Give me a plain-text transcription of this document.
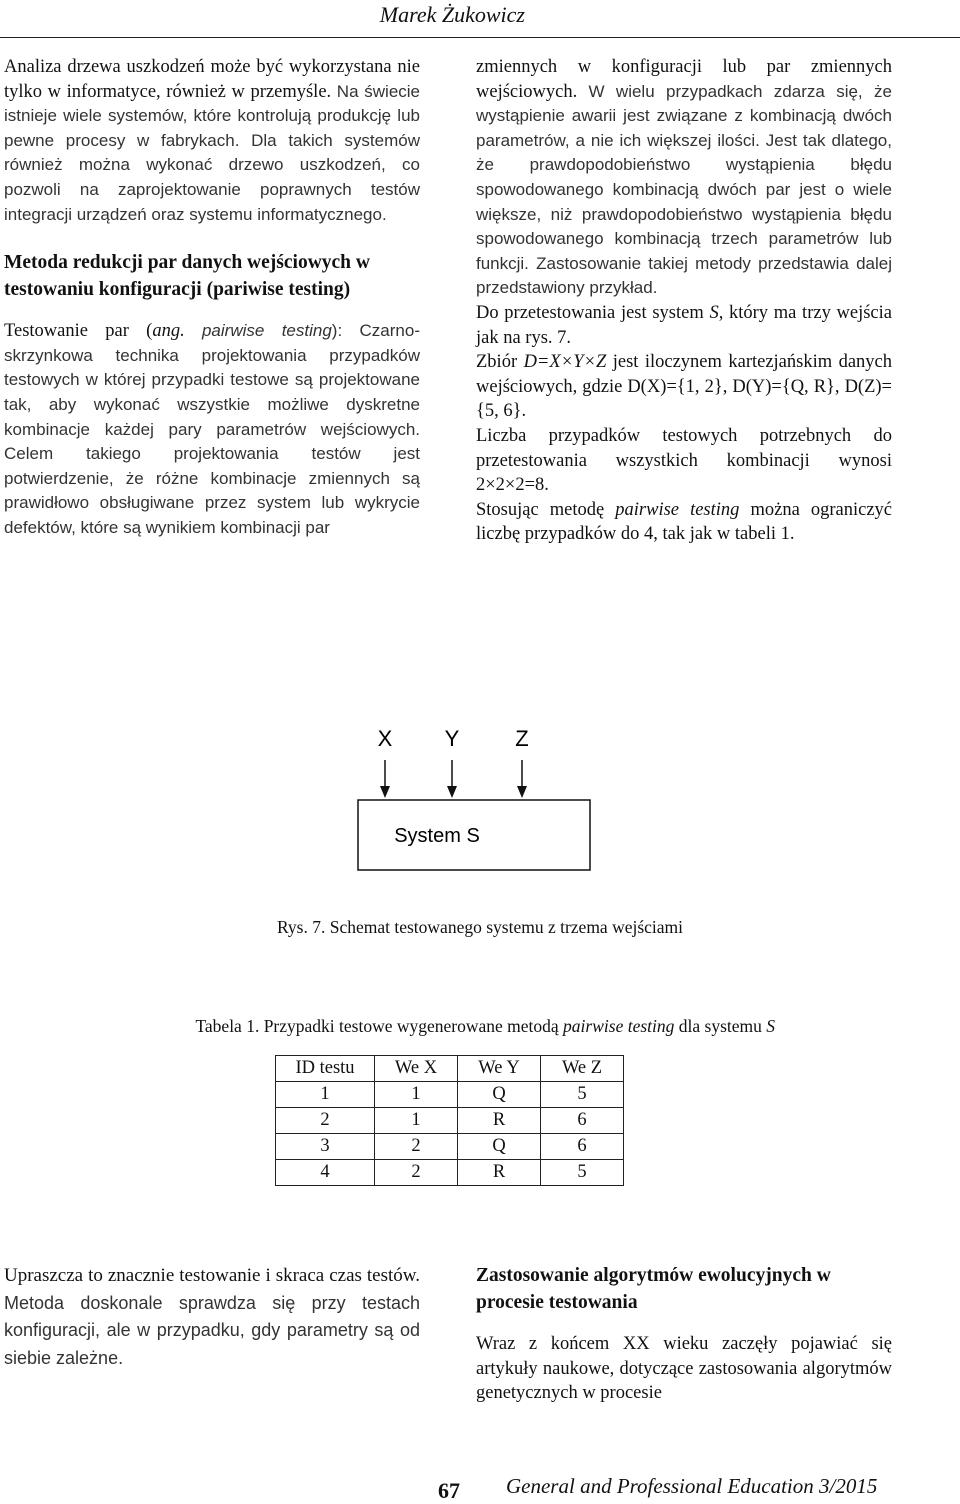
Marek Żukowicz

Analiza drzewa uszkodzeń może być wykorzystana nie tylko w informatyce, również w przemyśle. Na świecie istnieje wiele systemów, które kontrolują produkcję lub pewne procesy w fabrykach. Dla takich systemów również można wykonać drzewo uszkodzeń, co pozwoli na zaprojektowanie poprawnych testów integracji urządzeń oraz systemu informatycznego.

Metoda redukcji par danych wejściowych w testowaniu konfiguracji (pariwise testing)

Testowanie par (ang. pairwise testing): Czarno-skrzynkowa technika projektowania przypadków testowych w której przypadki testowe są projektowane tak, aby wykonać wszystkie możliwe dyskretne kombinacje każdej pary parametrów wejściowych. Celem takiego projektowania testów jest potwierdzenie, że różne kombinacje zmiennych są prawidłowo obsługiwane przez system lub wykrycie defektów, które są wynikiem kombinacji par

zmiennych w konfiguracji lub par zmiennych wejściowych. W wielu przypadkach zdarza się, że wystąpienie awarii jest związane z kombinacją dwóch parametrów, a nie ich większej ilości. Jest tak dlatego, że prawdopodobieństwo wystąpienia błędu spowodowanego kombinacją dwóch par jest o wiele większe, niż prawdopodobieństwo wystąpienia błędu spowodowanego kombinacją trzech parametrów lub funkcji. Zastosowanie takiej metody przedstawia dalej przedstawiony przykład.

Do przetestowania jest system S, który ma trzy wejścia jak na rys. 7.

Zbiór D=X×Y×Z jest iloczynem kartezjańskim danych wejściowych, gdzie D(X)={1, 2}, D(Y)={Q, R}, D(Z)={5, 6}.

Liczba przypadków testowych potrzebnych do przetestowania wszystkich kombinacji wynosi 2×2×2=8.

Stosując metodę pairwise testing można ograniczyć liczbę przypadków do 4, tak jak w tabeli 1.

X Y	Z
System S
Rys. 7. Schemat testowanego systemu z trzema wejściami
Tabela 1. Przypadki testowe wygenerowane metodą pairwise testing dla systemu S
ID testu	We X	We Y	We Z
1	1	Q	5
2	1	R	6
3	2	Q	6
4	2	R	5
Upraszcza to znacznie testowanie i skraca czas testów. Metoda doskonale sprawdza się przy testach konfiguracji, ale w przypadku, gdy parametry są od siebie zależne.
Zastosowanie algorytmów ewolucyjnych w procesie testowania

Wraz z końcem XX wieku zaczęły pojawiać się artykuły naukowe, dotyczące zastosowania algorytmów genetycznych w procesie

67 General and Professional Education 3/2015
